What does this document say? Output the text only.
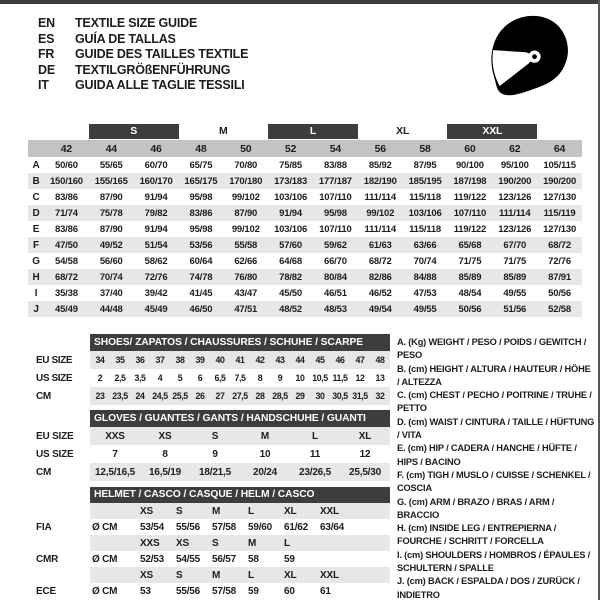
EN	TEXTILE SIZE GUIDE
ES	GUÍA DE TALLAS
FR	GUIDE DES TAILLES TEXTILE
DE	TEXTILGRÖßENFÜHRUNG
IT	GUIDA ALLE TAGLIE TESSILI
S	M	L	XL	XXL
42	44	46	48	50	52	54	56	58	60	62	64
A	50/60	55/65	60/70	65/75	70/80	75/85	83/88	85/92	87/95	90/100	95/100	105/115
B	150/160	155/165	160/170	165/175	170/180	173/183	177/187	182/190	185/195	187/198	190/200	190/200
C	83/86	87/90	91/94	95/98	99/102	103/106	107/110	111/114	115/118	119/122	123/126	127/130
D	71/74	75/78	79/82	83/86	87/90	91/94	95/98	99/102	103/106	107/110	111/114	115/119
E	83/86	87/90	91/94	95/98	99/102	103/106	107/110	111/114	115/118	119/122	123/126	127/130
F	47/50	49/52	51/54	53/56	55/58	57/60	59/62	61/63	63/66	65/68	67/70	68/72
G	54/58	56/60	58/62	60/64	62/66	64/68	66/70	68/72	70/74	71/75	71/75	72/76
H	68/72	70/74	72/76	74/78	76/80	78/82	80/84	82/86	84/88	85/89	85/89	87/91
I	35/38	37/40	39/42	41/45	43/47	45/50	46/51	46/52	47/53	48/54	49/55	50/56
J	45/49	44/48	45/49	46/50	47/51	48/52	48/53	49/54	49/55	50/56	51/56	52/58
SHOES/ ZAPATOS / CHAUSSURES / SCHUHE / SCARPE
EU SIZE	34	35	36	37	38	39	40	41	42	43	44	45	46	47	48
US SIZE	2	2,5	3,5	4	5	6	6,5	7,5	8	9	10 10,5 11,5 12	13
CM	23 23,5 24 24,5 25,5 26	27 27,5 28 28,5 29	30 30,5 31,5 32
GLOVES / GUANTES / GANTS / HANDSCHUHE / GUANTI
EU SIZE	XXS	XS	S	M	L	XL
US SIZE	7	8	9	10	11	12
CM	12,5/16,5	16,5/19	18/21,5	20/24	23/26,5	25,5/30
HELMET / CASCO / CASQUE / HELM / CASCO
XS	S	M	L	XL	XXL
FIA	Ø CM	53/54	55/56	57/58	59/60	61/62	63/64
XXS	XS	S	M	L
CMR	Ø CM	52/53	54/55	56/57	58	59
XS	S	M	L	XL	XXL
ECE	Ø CM	53	55/56	57/58	59	60	61
A. (Kg) WEIGHT / PESO / POIDS / GEWITCH / PESO
B. (cm) HEIGHT / ALTURA / HAUTEUR / HÖHE / ALTEZZA
C. (cm) CHEST / PECHO / POITRINE / TRUHE / PETTO
D. (cm) WAIST / CINTURA / TAILLE / HÜFTUNG / VITA
E. (cm) HIP / CADERA / HANCHE / HÜFTE / HIPS / BACINO
F. (cm) TIGH / MUSLO / CUISSE / SCHENKEL / COSCIA
G. (cm) ARM / BRAZO / BRAS / ARM / BRACCIO
H. (cm) INSIDE LEG / ENTREPIERNA / FOURCHE / SCHRITT / FORCELLA
I. (cm) SHOULDERS / HOMBROS / ÉPAULES / SCHULTERN / SPALLE
J. (cm) BACK / ESPALDA / DOS / ZURÜCK / INDIETRO
